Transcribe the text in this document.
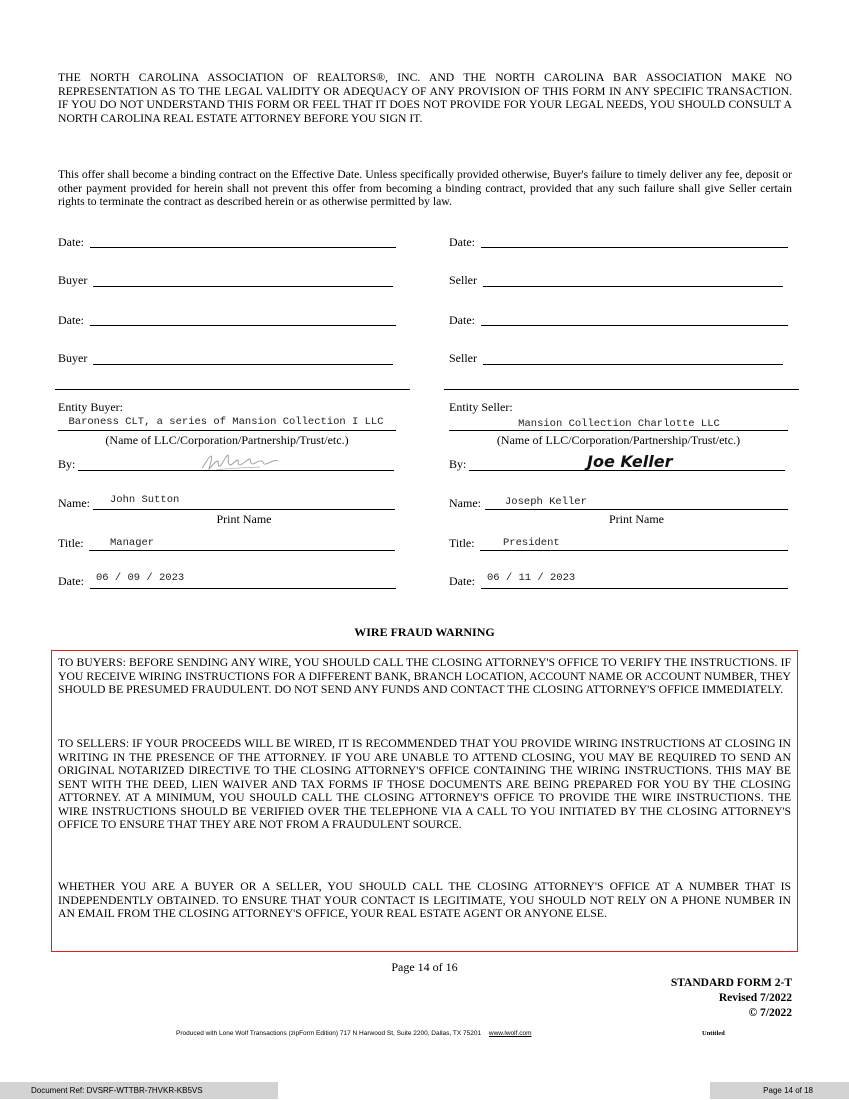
THE NORTH CAROLINA ASSOCIATION OF REALTORS®, INC. AND THE NORTH CAROLINA BAR ASSOCIATION MAKE NO REPRESENTATION AS TO THE LEGAL VALIDITY OR ADEQUACY OF ANY PROVISION OF THIS FORM IN ANY SPECIFIC TRANSACTION. IF YOU DO NOT UNDERSTAND THIS FORM OR FEEL THAT IT DOES NOT PROVIDE FOR YOUR LEGAL NEEDS, YOU SHOULD CONSULT A NORTH CAROLINA REAL ESTATE ATTORNEY BEFORE YOU SIGN IT.
This offer shall become a binding contract on the Effective Date. Unless specifically provided otherwise, Buyer's failure to timely deliver any fee, deposit or other payment provided for herein shall not prevent this offer from becoming a binding contract, provided that any such failure shall give Seller certain rights to terminate the contract as described herein or as otherwise permitted by law.
Date:	Date:
Buyer	Seller
Date:	Date:
Buyer	Seller
Entity Buyer:
Baroness CLT, a series of Mansion Collection I LLC
(Name of LLC/Corporation/Partnership/Trust/etc.)
By:
Name: John Sutton
Print Name
Title:	Manager
Date: 06 / 09 / 2023
Entity Seller:
Mansion Collection Charlotte LLC
(Name of LLC/Corporation/Partnership/Trust/etc.)
By:	Joe Keller
Name: Joseph Keller
Print Name
Title:	President
Date: 06 / 11 / 2023
WIRE FRAUD WARNING
TO BUYERS: BEFORE SENDING ANY WIRE, YOU SHOULD CALL THE CLOSING ATTORNEY'S OFFICE TO VERIFY THE INSTRUCTIONS. IF YOU RECEIVE WIRING INSTRUCTIONS FOR A DIFFERENT BANK, BRANCH LOCATION, ACCOUNT NAME OR ACCOUNT NUMBER, THEY SHOULD BE PRESUMED FRAUDULENT. DO NOT SEND ANY FUNDS AND CONTACT THE CLOSING ATTORNEY'S OFFICE IMMEDIATELY.
TO SELLERS: IF YOUR PROCEEDS WILL BE WIRED, IT IS RECOMMENDED THAT YOU PROVIDE WIRING INSTRUCTIONS AT CLOSING IN WRITING IN THE PRESENCE OF THE ATTORNEY. IF YOU ARE UNABLE TO ATTEND CLOSING, YOU MAY BE REQUIRED TO SEND AN ORIGINAL NOTARIZED DIRECTIVE TO THE CLOSING ATTORNEY'S OFFICE CONTAINING THE WIRING INSTRUCTIONS. THIS MAY BE SENT WITH THE DEED, LIEN WAIVER AND TAX FORMS IF THOSE DOCUMENTS ARE BEING PREPARED FOR YOU BY THE CLOSING ATTORNEY. AT A MINIMUM, YOU SHOULD CALL THE CLOSING ATTORNEY'S OFFICE TO PROVIDE THE WIRE INSTRUCTIONS. THE WIRE INSTRUCTIONS SHOULD BE VERIFIED OVER THE TELEPHONE VIA A CALL TO YOU INITIATED BY THE CLOSING ATTORNEY'S OFFICE TO ENSURE THAT THEY ARE NOT FROM A FRAUDULENT SOURCE.
WHETHER YOU ARE A BUYER OR A SELLER, YOU SHOULD CALL THE CLOSING ATTORNEY'S OFFICE AT A NUMBER THAT IS INDEPENDENTLY OBTAINED. TO ENSURE THAT YOUR CONTACT IS LEGITIMATE, YOU SHOULD NOT RELY ON A PHONE NUMBER IN AN EMAIL FROM THE CLOSING ATTORNEY'S OFFICE, YOUR REAL ESTATE AGENT OR ANYONE ELSE.
Page 14 of 16
STANDARD FORM 2-T
Revised 7/2022
© 7/2022
Produced with Lone Wolf Transactions (zipForm Edition) 717 N Harwood St, Suite 2200, Dallas, TX 75201 www.lwolf.com	Untitled
Document Ref: DVSRF-WTTBR-7HVKR-KB5VS	Page 14 of 18
